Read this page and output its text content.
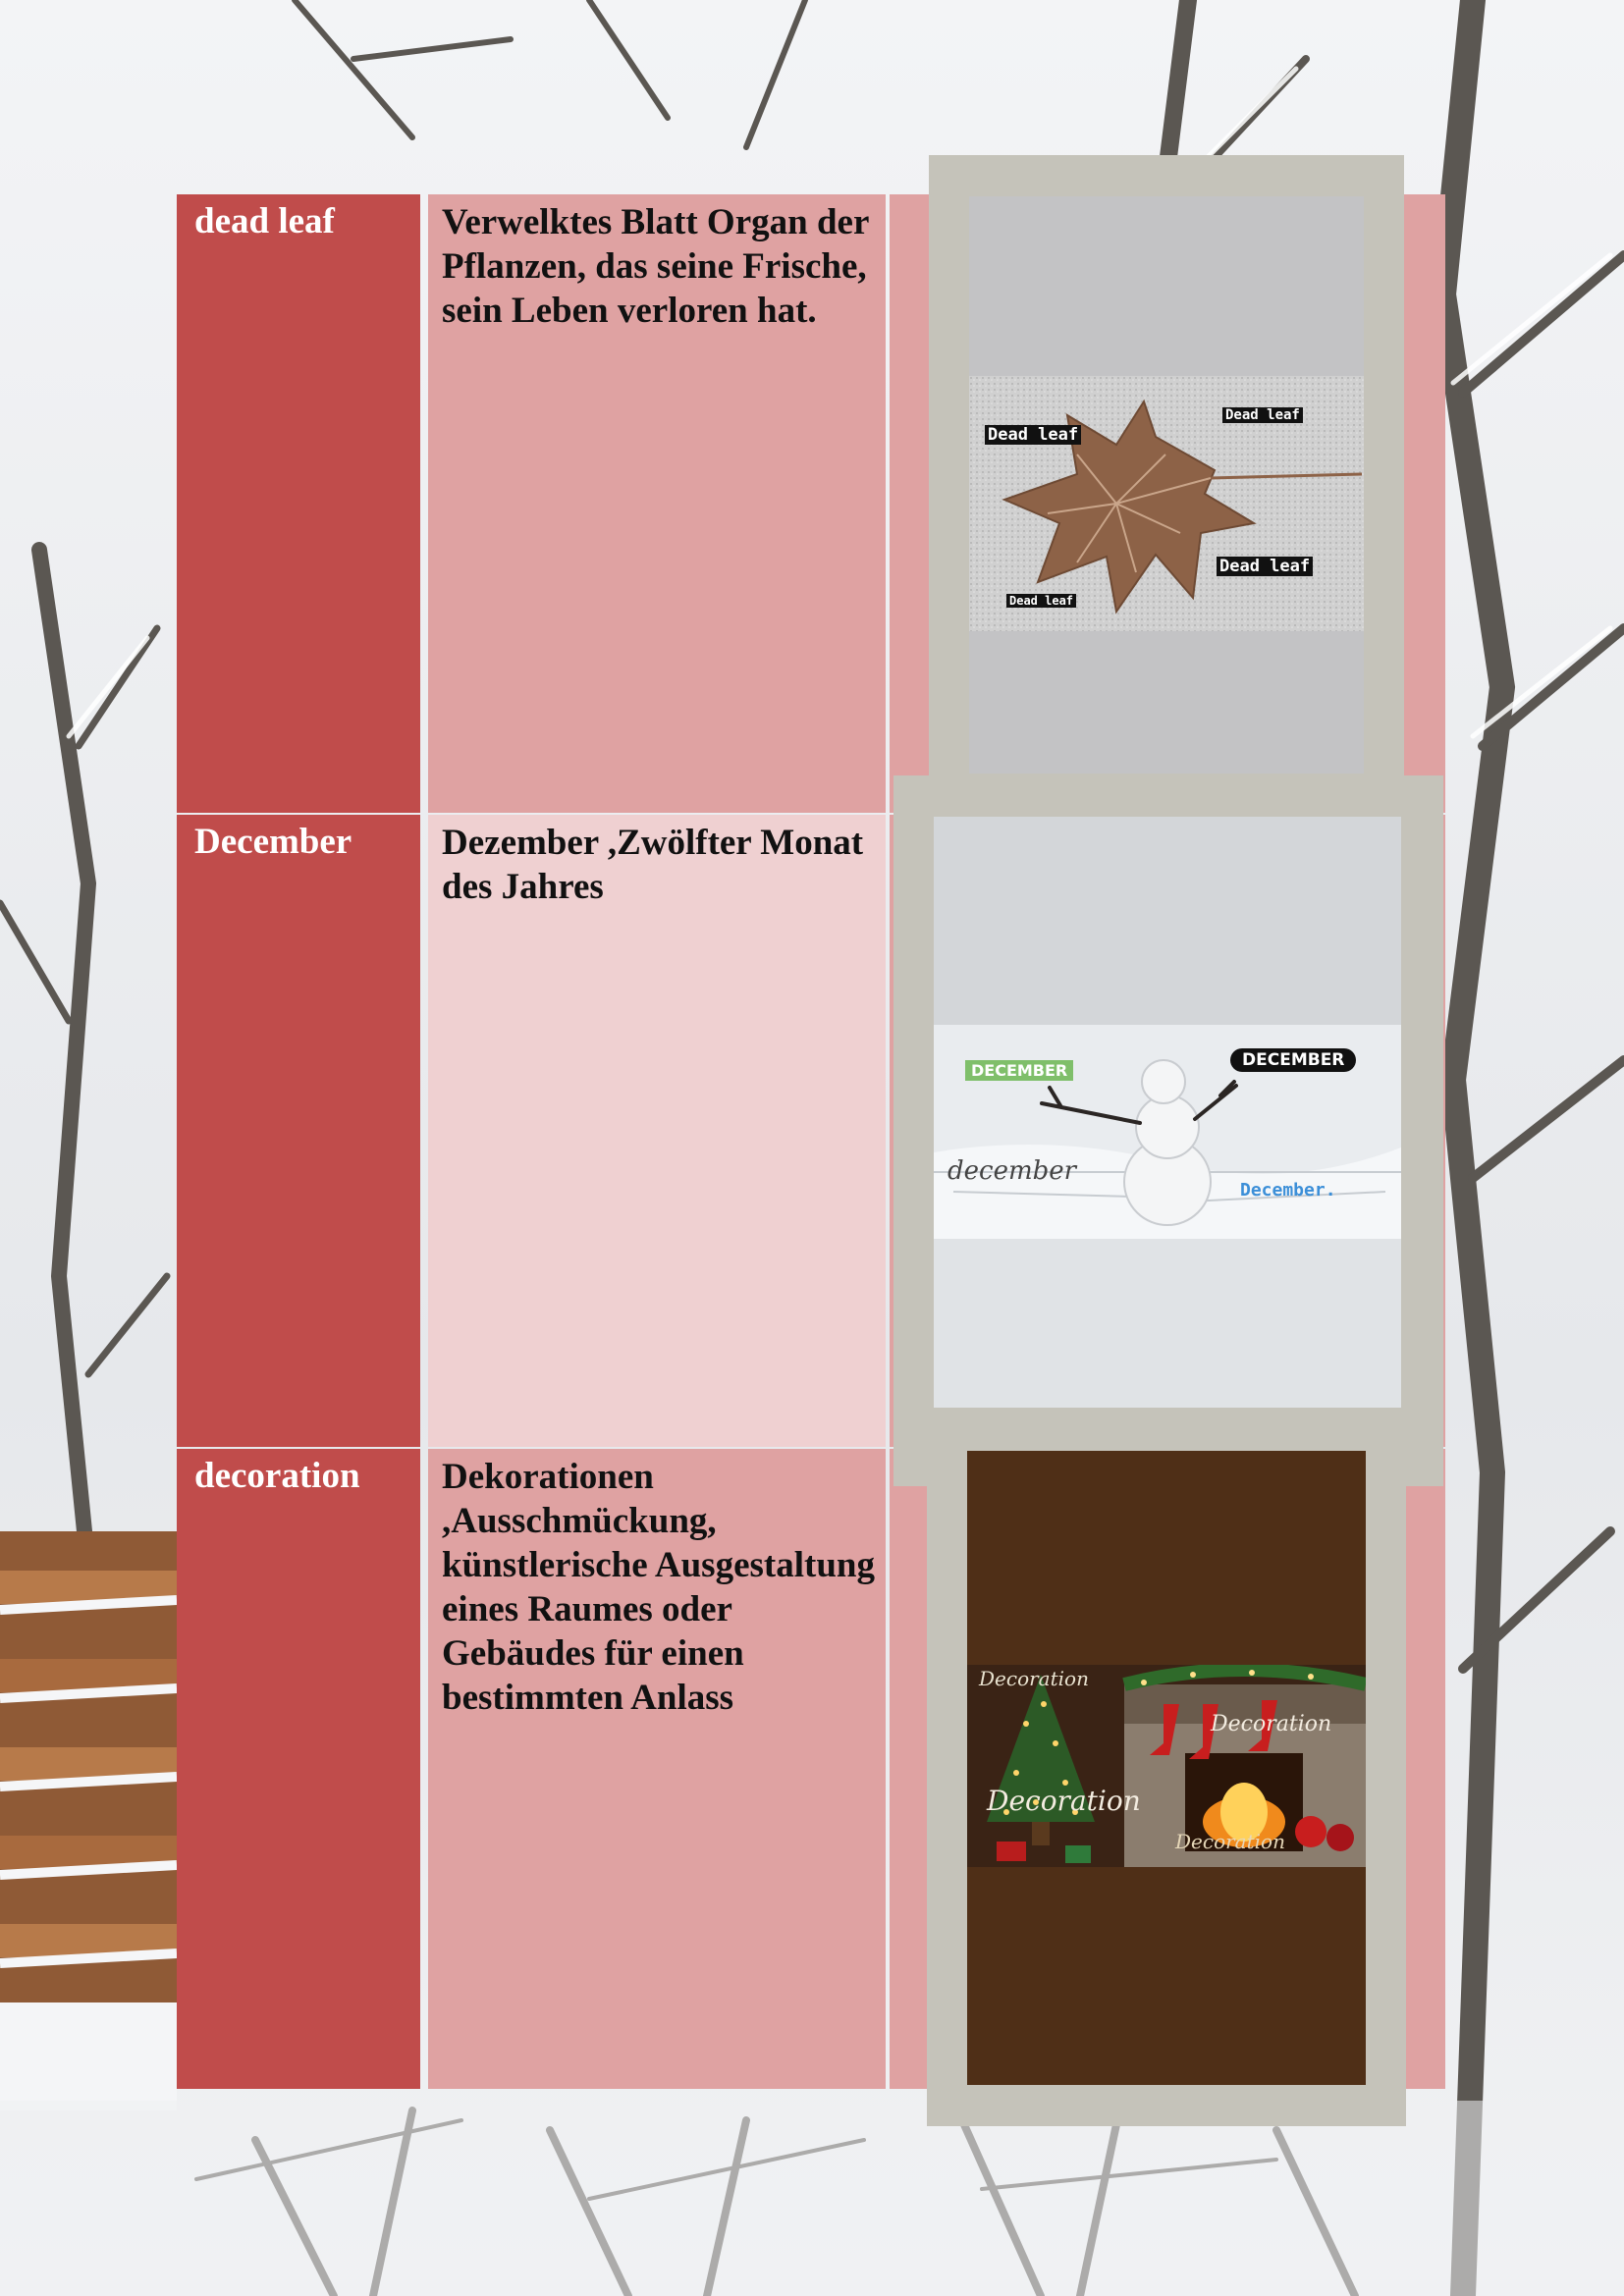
dead leaf	Verwelktes Blatt Organ der Pflanzen, das seine Frische, sein Leben verloren hat.
December Dezember ,Zwölfter Monat des Jahres
decoration Dekorationen ,Ausschmückung, künstlerische Ausgestaltung eines Raumes oder Gebäudes für einen bestimmten Anlass
Dead leaf
Dead leaf
Dead leaf
Dead leaf
DECEMBER
DECEMBER
december
December.
Decoration
Decoration
Decoration
Decoration
